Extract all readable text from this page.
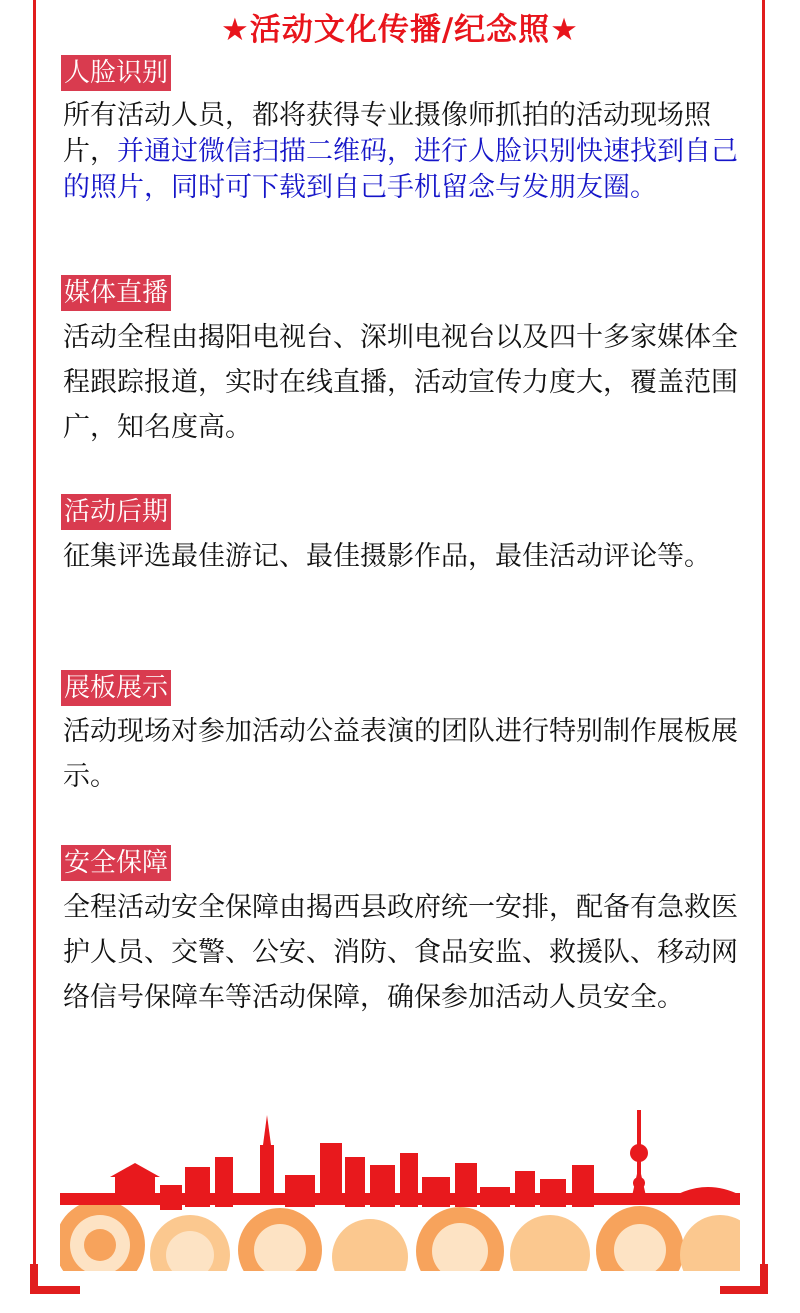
★活动文化传播/纪念照★
人脸识别
所有活动人员，都将获得专业摄像师抓拍的活动现场照片，并通过微信扫描二维码，进行人脸识别快速找到自己的照片，同时可下载到自己手机留念与发朋友圈。
媒体直播
活动全程由揭阳电视台、深圳电视台以及四十多家媒体全程跟踪报道，实时在线直播，活动宣传力度大，覆盖范围广，知名度高。
活动后期
征集评选最佳游记、最佳摄影作品，最佳活动评论等。
展板展示
活动现场对参加活动公益表演的团队进行特别制作展板展示。
安全保障
全程活动安全保障由揭西县政府统一安排，配备有急救医护人员、交警、公安、消防、食品安监、救援队、移动网络信号保障车等活动保障，确保参加活动人员安全。
